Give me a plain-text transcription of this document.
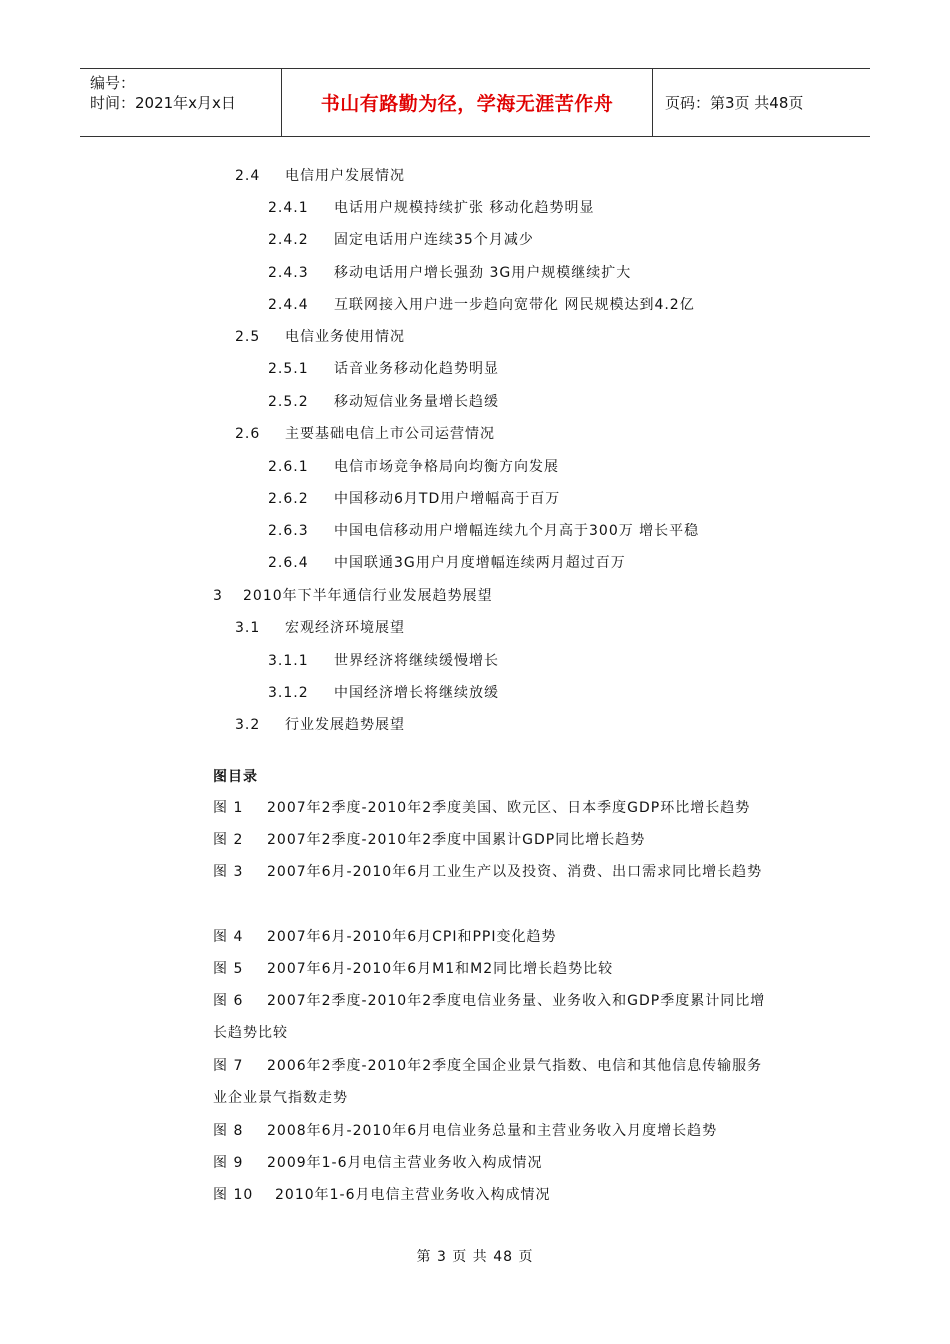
编号：
时间：2021年x月x日	书山有路勤为径，学海无涯苦作舟	页码：第3页 共48页
2.4 电信用户发展情况
2.4.1 电话用户规模持续扩张 移动化趋势明显
2.4.2 固定电话用户连续35个月减少
2.4.3 移动电话用户增长强劲 3G用户规模继续扩大
2.4.4 互联网接入用户进一步趋向宽带化 网民规模达到4.2亿
2.5 电信业务使用情况
2.5.1 话音业务移动化趋势明显
2.5.2 移动短信业务量增长趋缓
2.6 主要基础电信上市公司运营情况
2.6.1 电信市场竞争格局向均衡方向发展
2.6.2 中国移动6月TD用户增幅高于百万
2.6.3 中国电信移动用户增幅连续九个月高于300万 增长平稳
2.6.4 中国联通3G用户月度增幅连续两月超过百万
3 2010年下半年通信行业发展趋势展望
3.1 宏观经济环境展望
3.1.1 世界经济将继续缓慢增长
3.1.2 中国经济增长将继续放缓
3.2 行业发展趋势展望
图目录
图 1 2007年2季度-2010年2季度美国、欧元区、日本季度GDP环比增长趋势
图 2 2007年2季度-2010年2季度中国累计GDP同比增长趋势
图 3 2007年6月-2010年6月工业生产以及投资、消费、出口需求同比增长趋势
图 4 2007年6月-2010年6月CPI和PPI变化趋势
图 5 2007年6月-2010年6月M1和M2同比增长趋势比较
图 6 2007年2季度-2010年2季度电信业务量、业务收入和GDP季度累计同比增长趋势比较
图 7 2006年2季度-2010年2季度全国企业景气指数、电信和其他信息传输服务业企业景气指数走势
图 8 2008年6月-2010年6月电信业务总量和主营业务收入月度增长趋势
图 9 2009年1-6月电信主营业务收入构成情况
图 10 2010年1-6月电信主营业务收入构成情况
第 3 页 共 48 页
